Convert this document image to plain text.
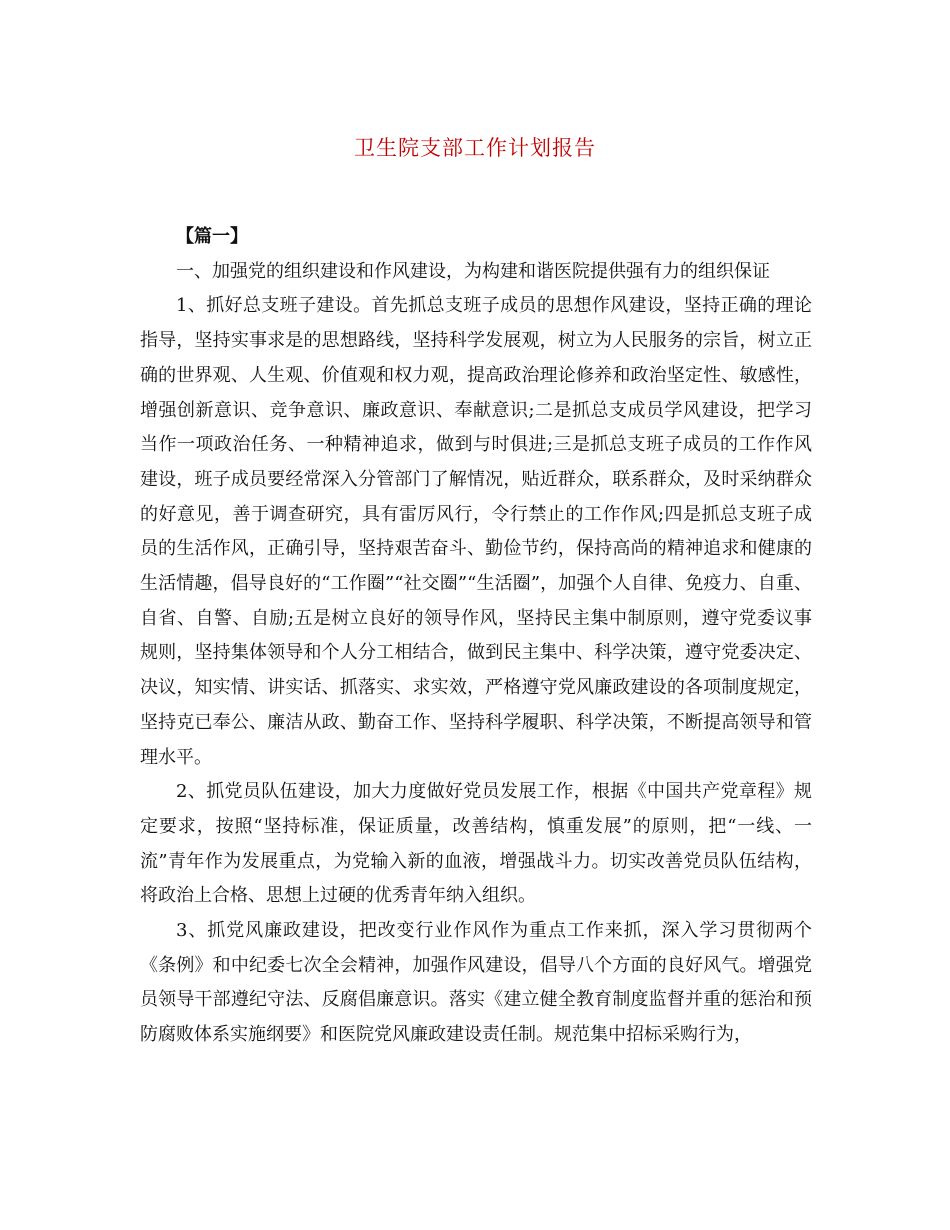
卫生院支部工作计划报告

【篇一】

一、加强党的组织建设和作风建设，为构建和谐医院提供强有力的组织保证

1、抓好总支班子建设。首先抓总支班子成员的思想作风建设，坚持正确的理论指导，坚持实事求是的思想路线，坚持科学发展观，树立为人民服务的宗旨，树立正确的世界观、人生观、价值观和权力观，提高政治理论修养和政治坚定性、敏感性，增强创新意识、竞争意识、廉政意识、奉献意识;二是抓总支成员学风建设，把学习当作一项政治任务、一种精神追求，做到与时俱进;三是抓总支班子成员的工作作风建设，班子成员要经常深入分管部门了解情况，贴近群众，联系群众，及时采纳群众的好意见，善于调查研究，具有雷厉风行，令行禁止的工作作风;四是抓总支班子成员的生活作风，正确引导，坚持艰苦奋斗、勤俭节约，保持高尚的精神追求和健康的生活情趣，倡导良好的“工作圈”“社交圈”“生活圈”，加强个人自律、免疫力、自重、自省、自警、自励;五是树立良好的领导作风，坚持民主集中制原则，遵守党委议事规则，坚持集体领导和个人分工相结合，做到民主集中、科学决策，遵守党委决定、决议，知实情、讲实话、抓落实、求实效，严格遵守党风廉政建设的各项制度规定，坚持克已奉公、廉洁从政、勤奋工作、坚持科学履职、科学决策，不断提高领导和管理水平。

2、抓党员队伍建设，加大力度做好党员发展工作，根据《中国共产党章程》规定要求，按照“坚持标准，保证质量，改善结构，慎重发展”的原则，把“一线、一流”青年作为发展重点，为党输入新的血液，增强战斗力。切实改善党员队伍结构，将政治上合格、思想上过硬的优秀青年纳入组织。

3、抓党风廉政建设，把改变行业作风作为重点工作来抓，深入学习贯彻两个《条例》和中纪委七次全会精神，加强作风建设，倡导八个方面的良好风气。增强党员领导干部遵纪守法、反腐倡廉意识。落实《建立健全教育制度监督并重的惩治和预防腐败体系实施纲要》和医院党风廉政建设责任制。规范集中招标采购行为，
